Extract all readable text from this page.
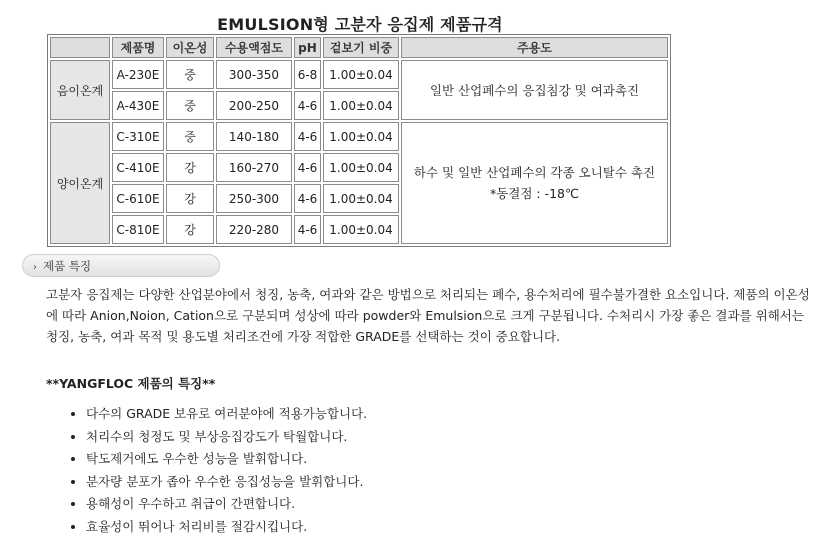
EMULSION형 고분자 응집제 제품규격
	제품명	이온성	수용액점도	pH	겉보기 비중	주용도
음이온계	A-230E	중	300-350	6-8	1.00±0.04	일반 산업폐수의 응집침강 및 여과촉진

	A-430E	중	200-250	4-6	1.00±0.04	
양이온계	C-310E	중	140-180	4-6	1.00±0.04	하수 및 일반 산업폐수의 각종 오니탈수 촉진
*동결점 : -18℃

	C-410E	강	160-270	4-6	1.00±0.04	
	C-610E	강	250-300	4-6	1.00±0.04	
	C-810E	강	220-280	4-6	1.00±0.04	
› 제품 특징
고분자 응집제는 다양한 산업분야에서 청징, 농축, 여과와 같은 방법으로 처리되는 폐수, 용수처리에 필수불가결한 요소입니다. 제품의 이온성에 따라 Anion,Noion, Cation으로 구분되며 성상에 따라 powder와 Emulsion으로 크게 구분됩니다. 수처리시 가장 좋은 결과를 위해서는 청징, 농축, 여과 목적 및 용도별 처리조건에 가장 적합한 GRADE를 선택하는 것이 중요합니다.
**YANGFLOC 제품의 특징**
• 다수의 GRADE 보유로 여러분야에 적용가능합니다.
• 처리수의 청정도 및 부상응집강도가 탁월합니다.
• 탁도제거에도 우수한 성능을 발휘합니다.
• 분자량 분포가 좁아 우수한 응집성능을 발휘합니다.
• 용해성이 우수하고 취급이 간편합니다.
• 효율성이 뛰어나 처리비를 절감시킵니다.
